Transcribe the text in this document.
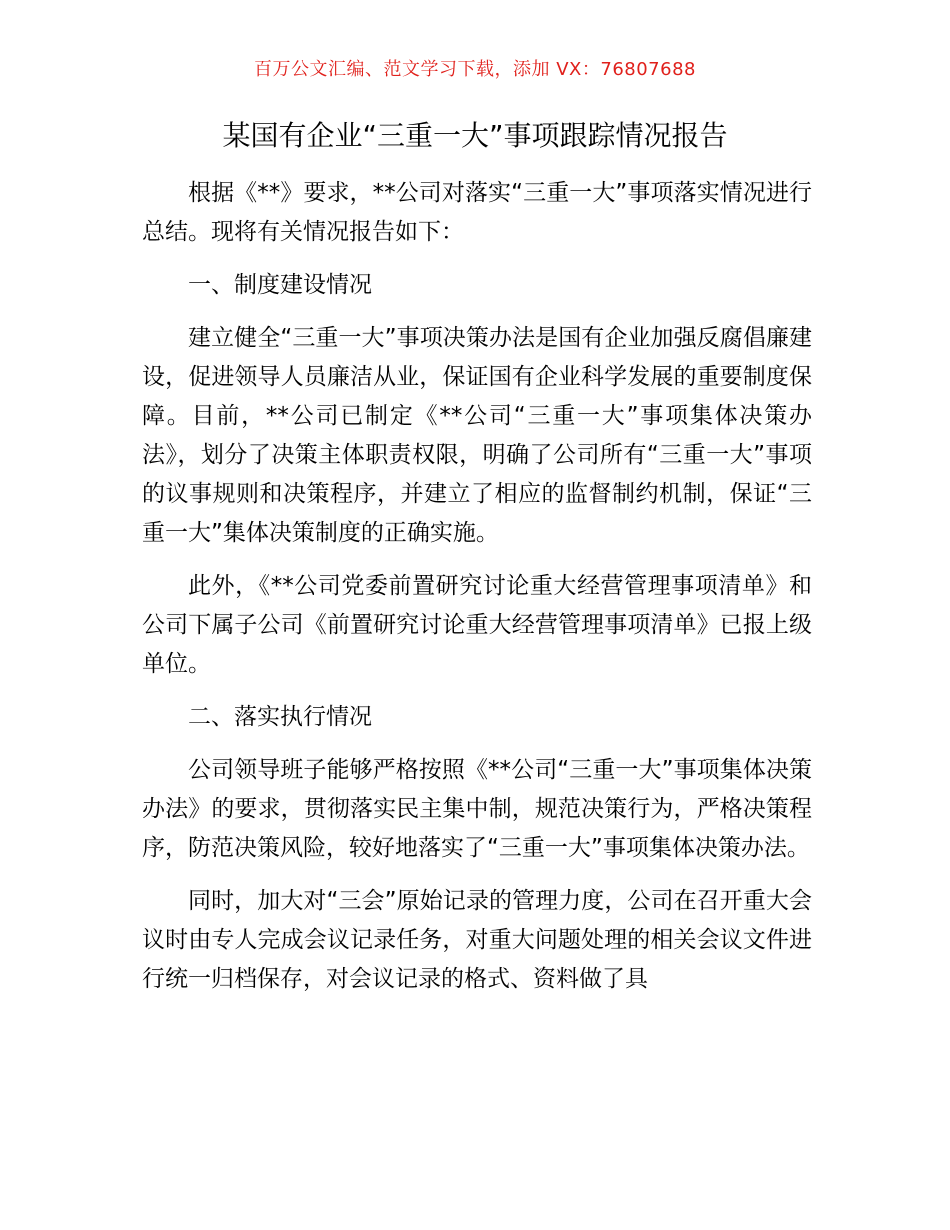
百万公文汇编、范文学习下载，添加 VX：76807688
某国有企业“三重一大”事项跟踪情况报告

根据《**》要求，**公司对落实“三重一大”事项落实情况进行总结。现将有关情况报告如下：

一、制度建设情况

建立健全“三重一大”事项决策办法是国有企业加强反腐倡廉建设，促进领导人员廉洁从业，保证国有企业科学发展的重要制度保障。目前，**公司已制定《**公司“三重一大”事项集体决策办法》，划分了决策主体职责权限，明确了公司所有“三重一大”事项的议事规则和决策程序，并建立了相应的监督制约机制，保证“三重一大”集体决策制度的正确实施。

此外，《**公司党委前置研究讨论重大经营管理事项清单》和公司下属子公司《前置研究讨论重大经营管理事项清单》已报上级单位。

二、落实执行情况

公司领导班子能够严格按照《**公司“三重一大”事项集体决策办法》的要求，贯彻落实民主集中制，规范决策行为，严格决策程序，防范决策风险，较好地落实了“三重一大”事项集体决策办法。

同时，加大对“三会”原始记录的管理力度，公司在召开重大会议时由专人完成会议记录任务，对重大问题处理的相关会议文件进行统一归档保存，对会议记录的格式、资料做了具
